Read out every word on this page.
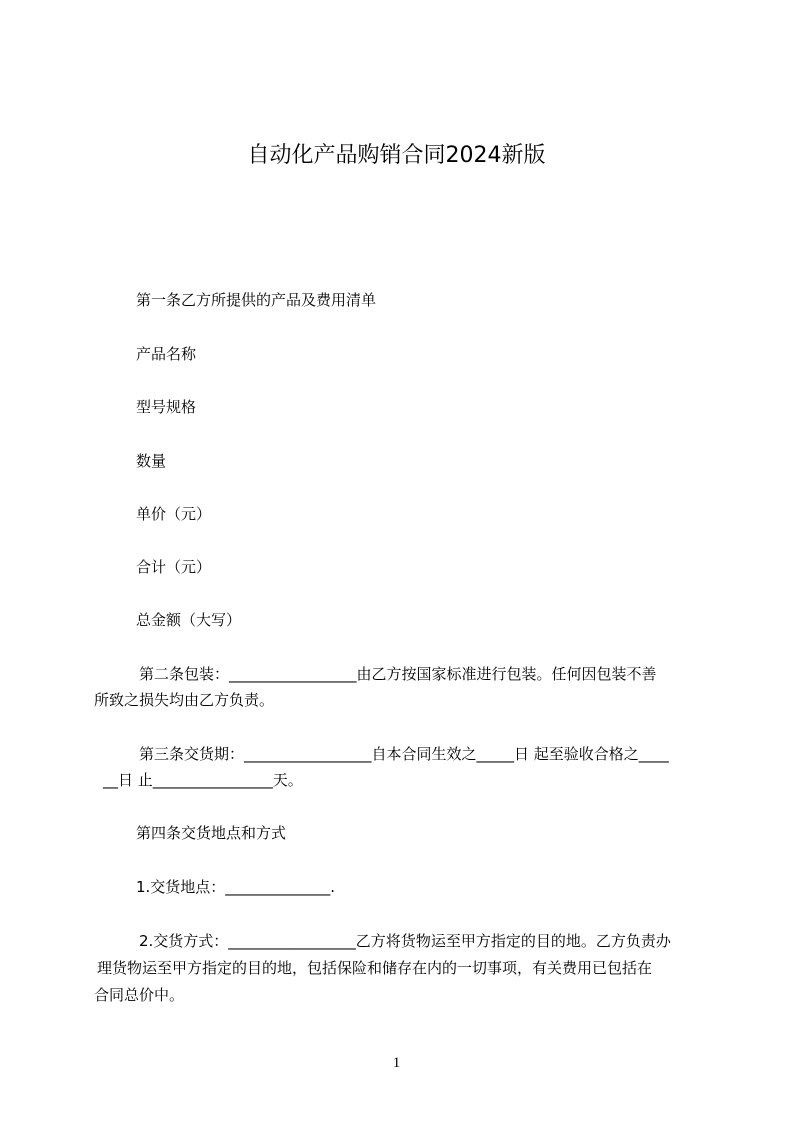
自动化产品购销合同2024新版
第一条乙方所提供的产品及费用清单
产品名称
型号规格
数量
单价（元）
合计（元）
总金额（大写）
第二条包装：_________________由乙方按国家标准进行包装。任何因包装不善
所致之损失均由乙方负责。
第三条交货期：_________________自本合同生效之_____日 起至验收合格之____
__日 止________________天。
第四条交货地点和方式
1.交货地点：______________.
2.交货方式：_________________乙方将货物运至甲方指定的目的地。乙方负责办
理货物运至甲方指定的目的地，包括保险和储存在内的一切事项，有关费用已包括在
合同总价中。
1
